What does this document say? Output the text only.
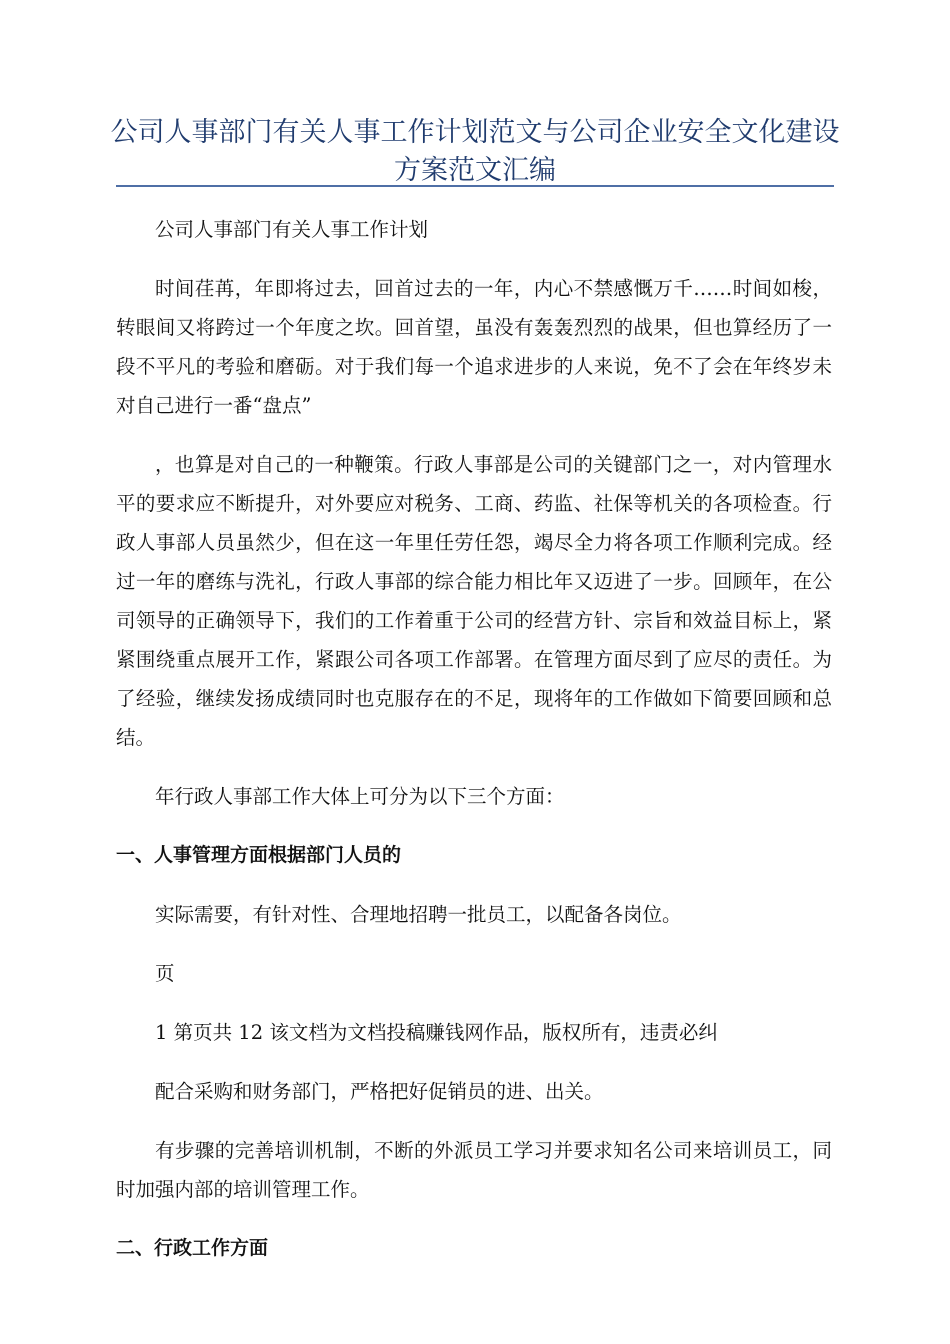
公司人事部门有关人事工作计划范文与公司企业安全文化建设方案范文汇编

公司人事部门有关人事工作计划

时间荏苒，年即将过去，回首过去的一年，内心不禁感慨万千……时间如梭，转眼间又将跨过一个年度之坎。回首望，虽没有轰轰烈烈的战果，但也算经历了一段不平凡的考验和磨砺。对于我们每一个追求进步的人来说，免不了会在年终岁未对自己进行一番“盘点”

，也算是对自己的一种鞭策。行政人事部是公司的关键部门之一，对内管理水平的要求应不断提升，对外要应对税务、工商、药监、社保等机关的各项检查。行政人事部人员虽然少，但在这一年里任劳任怨，竭尽全力将各项工作顺利完成。经过一年的磨练与洗礼，行政人事部的综合能力相比年又迈进了一步。回顾年，在公司领导的正确领导下，我们的工作着重于公司的经营方针、宗旨和效益目标上，紧紧围绕重点展开工作，紧跟公司各项工作部署。在管理方面尽到了应尽的责任。为了经验，继续发扬成绩同时也克服存在的不足，现将年的工作做如下简要回顾和总结。

年行政人事部工作大体上可分为以下三个方面：

一、人事管理方面根据部门人员的

实际需要，有针对性、合理地招聘一批员工，以配备各岗位。

页

1 第页共 12 该文档为文档投稿赚钱网作品，版权所有，违责必纠

配合采购和财务部门，严格把好促销员的进、出关。

有步骤的完善培训机制，不断的外派员工学习并要求知名公司来培训员工，同时加强内部的培训管理工作。

二、行政工作方面
